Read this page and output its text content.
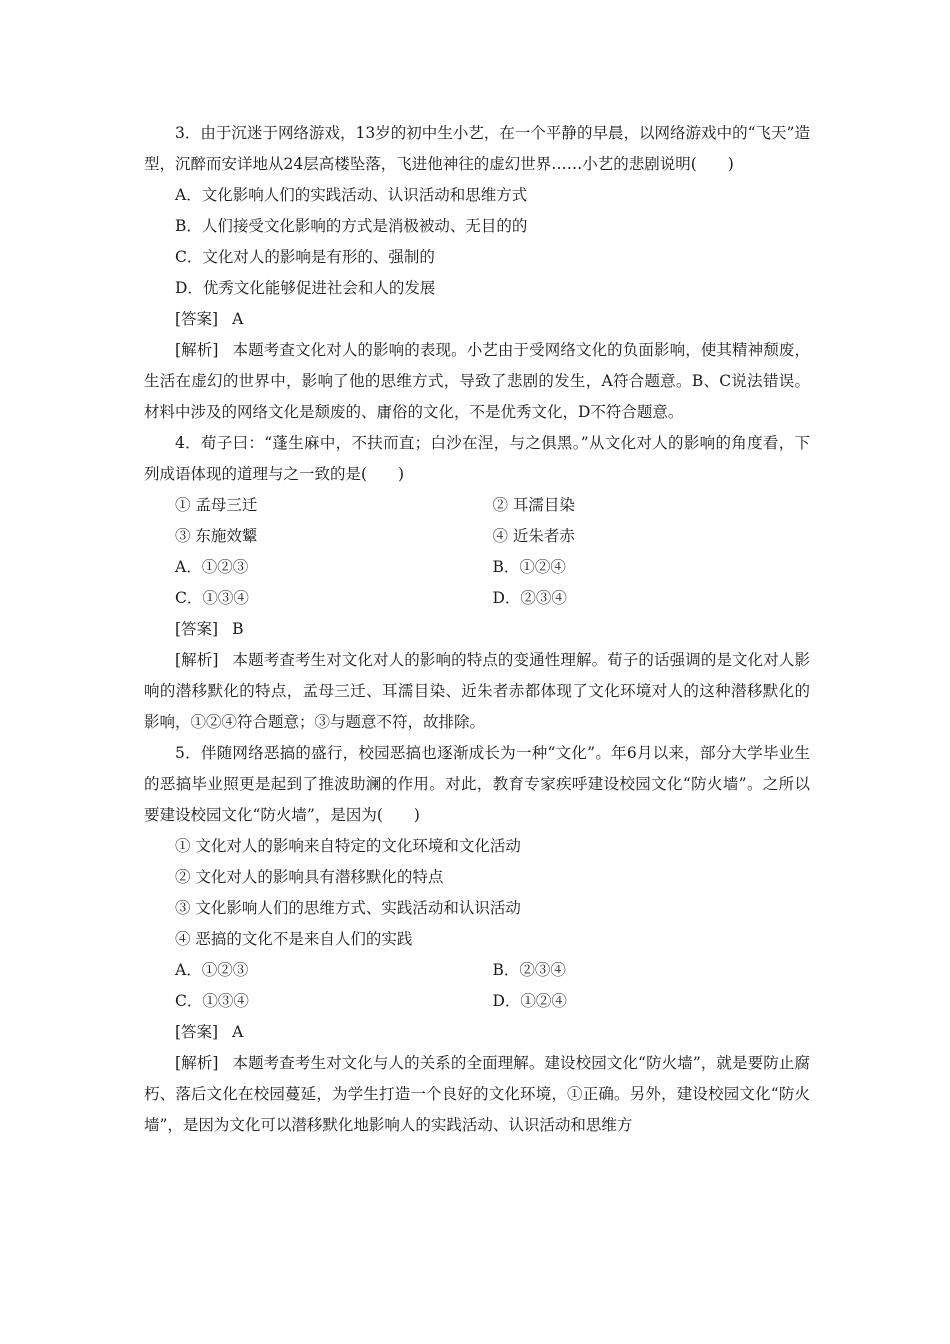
3．由于沉迷于网络游戏，13岁的初中生小艺，在一个平静的早晨，以网络游戏中的“飞天”造型，沉醉而安详地从24层高楼坠落，飞进他神往的虚幻世界……小艺的悲剧说明(　　)

A．文化影响人们的实践活动、认识活动和思维方式

B．人们接受文化影响的方式是消极被动、无目的的

C．文化对人的影响是有形的、强制的

D．优秀文化能够促进社会和人的发展

[答案] A

[解析] 本题考查文化对人的影响的表现。小艺由于受网络文化的负面影响，使其精神颓废，生活在虚幻的世界中，影响了他的思维方式，导致了悲剧的发生，A符合题意。B、C说法错误。材料中涉及的网络文化是颓废的、庸俗的文化，不是优秀文化，D不符合题意。

4．荀子曰：“蓬生麻中，不扶而直；白沙在涅，与之俱黑。”从文化对人的影响的角度看，下列成语体现的道理与之一致的是(　　)

① 孟母三迁	② 耳濡目染
③ 东施效颦	④ 近朱者赤
A．①②③	B．①②④
C．①③④	D．②③④

[答案] B

[解析] 本题考查考生对文化对人的影响的特点的变通性理解。荀子的话强调的是文化对人影响的潜移默化的特点，孟母三迁、耳濡目染、近朱者赤都体现了文化环境对人的这种潜移默化的影响，①②④符合题意；③与题意不符，故排除。

5．伴随网络恶搞的盛行，校园恶搞也逐渐成长为一种“文化”。年6月以来，部分大学毕业生的恶搞毕业照更是起到了推波助澜的作用。对此，教育专家疾呼建设校园文化“防火墙”。之所以要建设校园文化“防火墙”，是因为(　　)

① 文化对人的影响来自特定的文化环境和文化活动

② 文化对人的影响具有潜移默化的特点

③ 文化影响人们的思维方式、实践活动和认识活动

④ 恶搞的文化不是来自人们的实践

A．①②③	B．②③④
C．①③④	D．①②④

[答案] A

[解析] 本题考查考生对文化与人的关系的全面理解。建设校园文化“防火墙”，就是要防止腐朽、落后文化在校园蔓延，为学生打造一个良好的文化环境，①正确。另外，建设校园文化“防火墙”，是因为文化可以潜移默化地影响人的实践活动、认识活动和思维方
